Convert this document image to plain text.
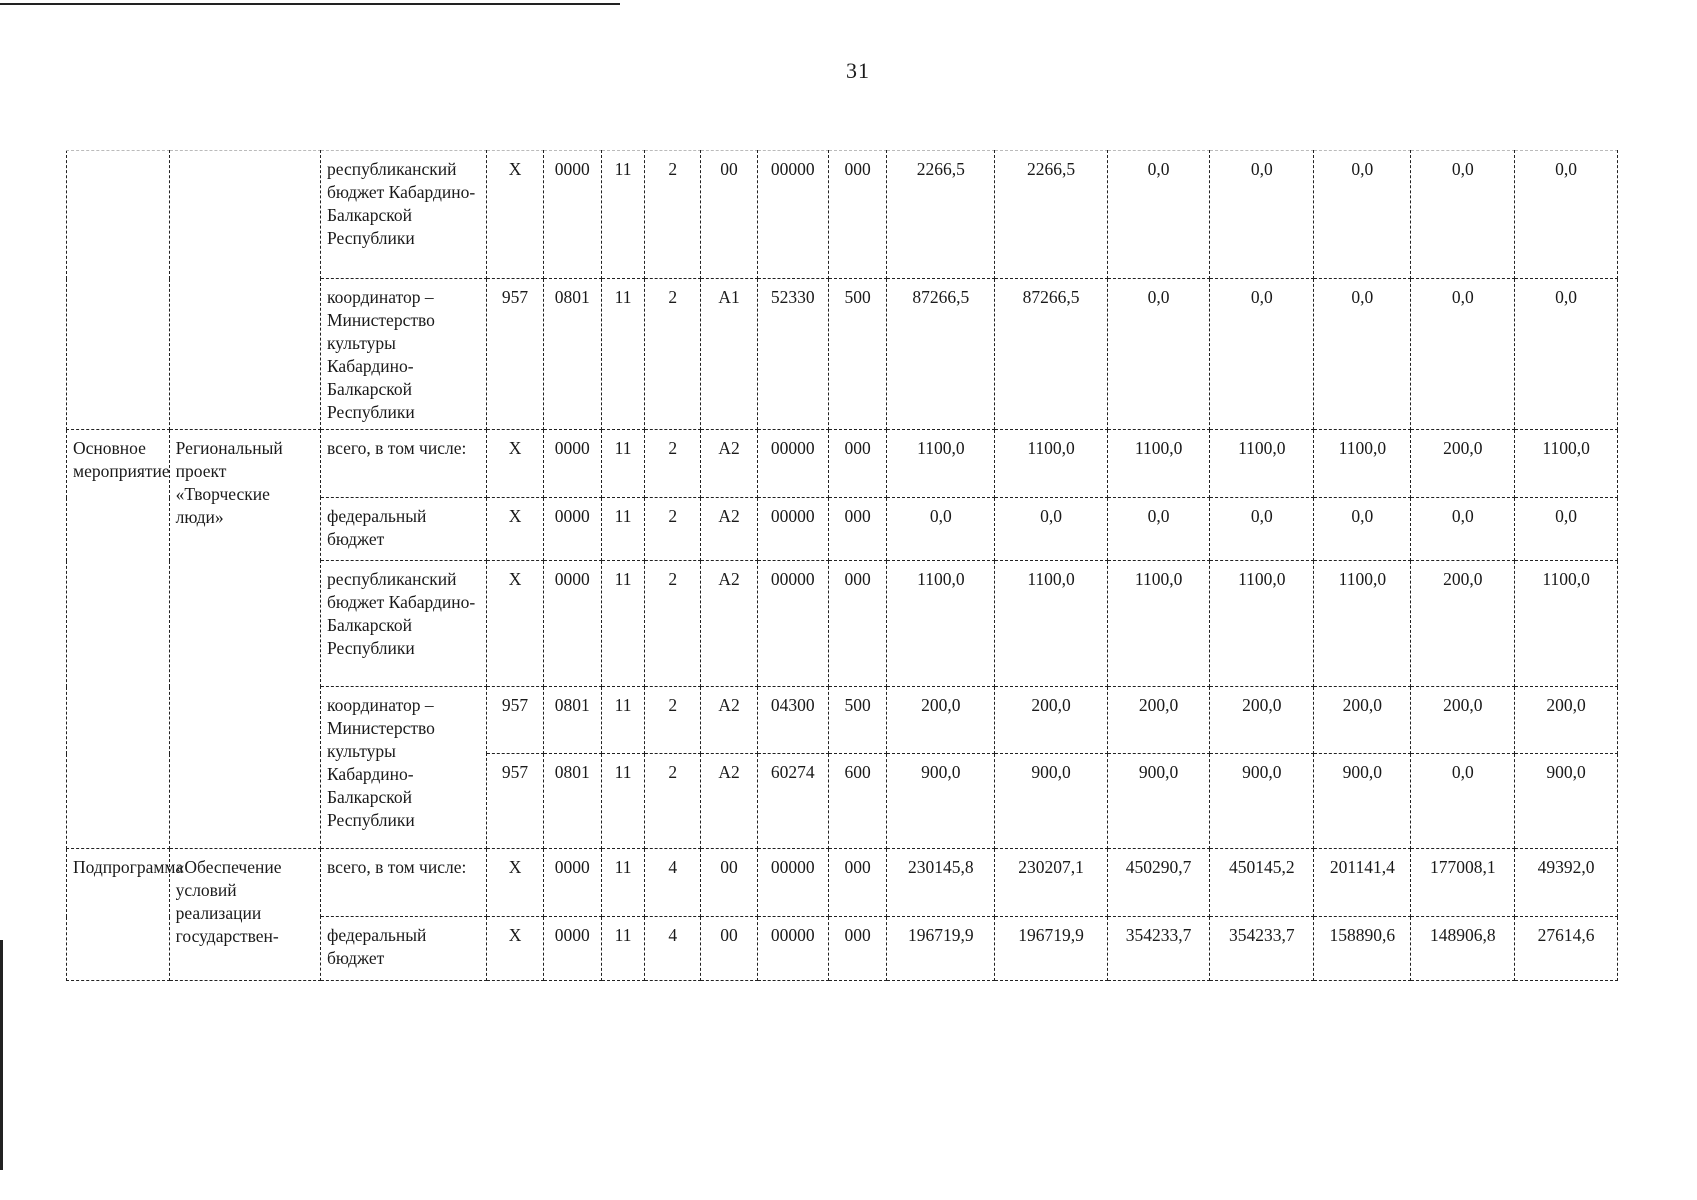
31
		республиканский бюджет Кабардино-Балкарской Республики	X	0000	11	2	00	00000	000	2266,5	2266,5	0,0	0,0	0,0	0,0	0,0
		координатор – Министерство культуры Кабардино-Балкарской Республики	957	0801	11	2	А1	52330	500	87266,5	87266,5	0,0	0,0	0,0	0,0	0,0
Основное мероприятие	Региональный проект «Творческие люди»	всего, в том числе:	X	0000	11	2	А2	00000	000	1100,0	1100,0	1100,0	1100,0	1100,0	200,0	1100,0
		федеральный бюджет	X	0000	11	2	А2	00000	000	0,0	0,0	0,0	0,0	0,0	0,0	0,0
		республиканский бюджет Кабардино-Балкарской Республики	X	0000	11	2	А2	00000	000	1100,0	1100,0	1100,0	1100,0	1100,0	200,0	1100,0
		координатор – Министерство культуры Кабардино-Балкарской Республики	957	0801	11	2	А2	04300	500	200,0	200,0	200,0	200,0	200,0	200,0	200,0
			957	0801	11	2	А2	60274	600	900,0	900,0	900,0	900,0	900,0	0,0	900,0
Подпрограмма	«Обеспечение условий реализации государствен-	всего, в том числе:	X	0000	11	4	00	00000	000	230145,8	230207,1	450290,7	450145,2	201141,4	177008,1	49392,0
		федеральный бюджет	X	0000	11	4	00	00000	000	196719,9	196719,9	354233,7	354233,7	158890,6	148906,8	27614,6
